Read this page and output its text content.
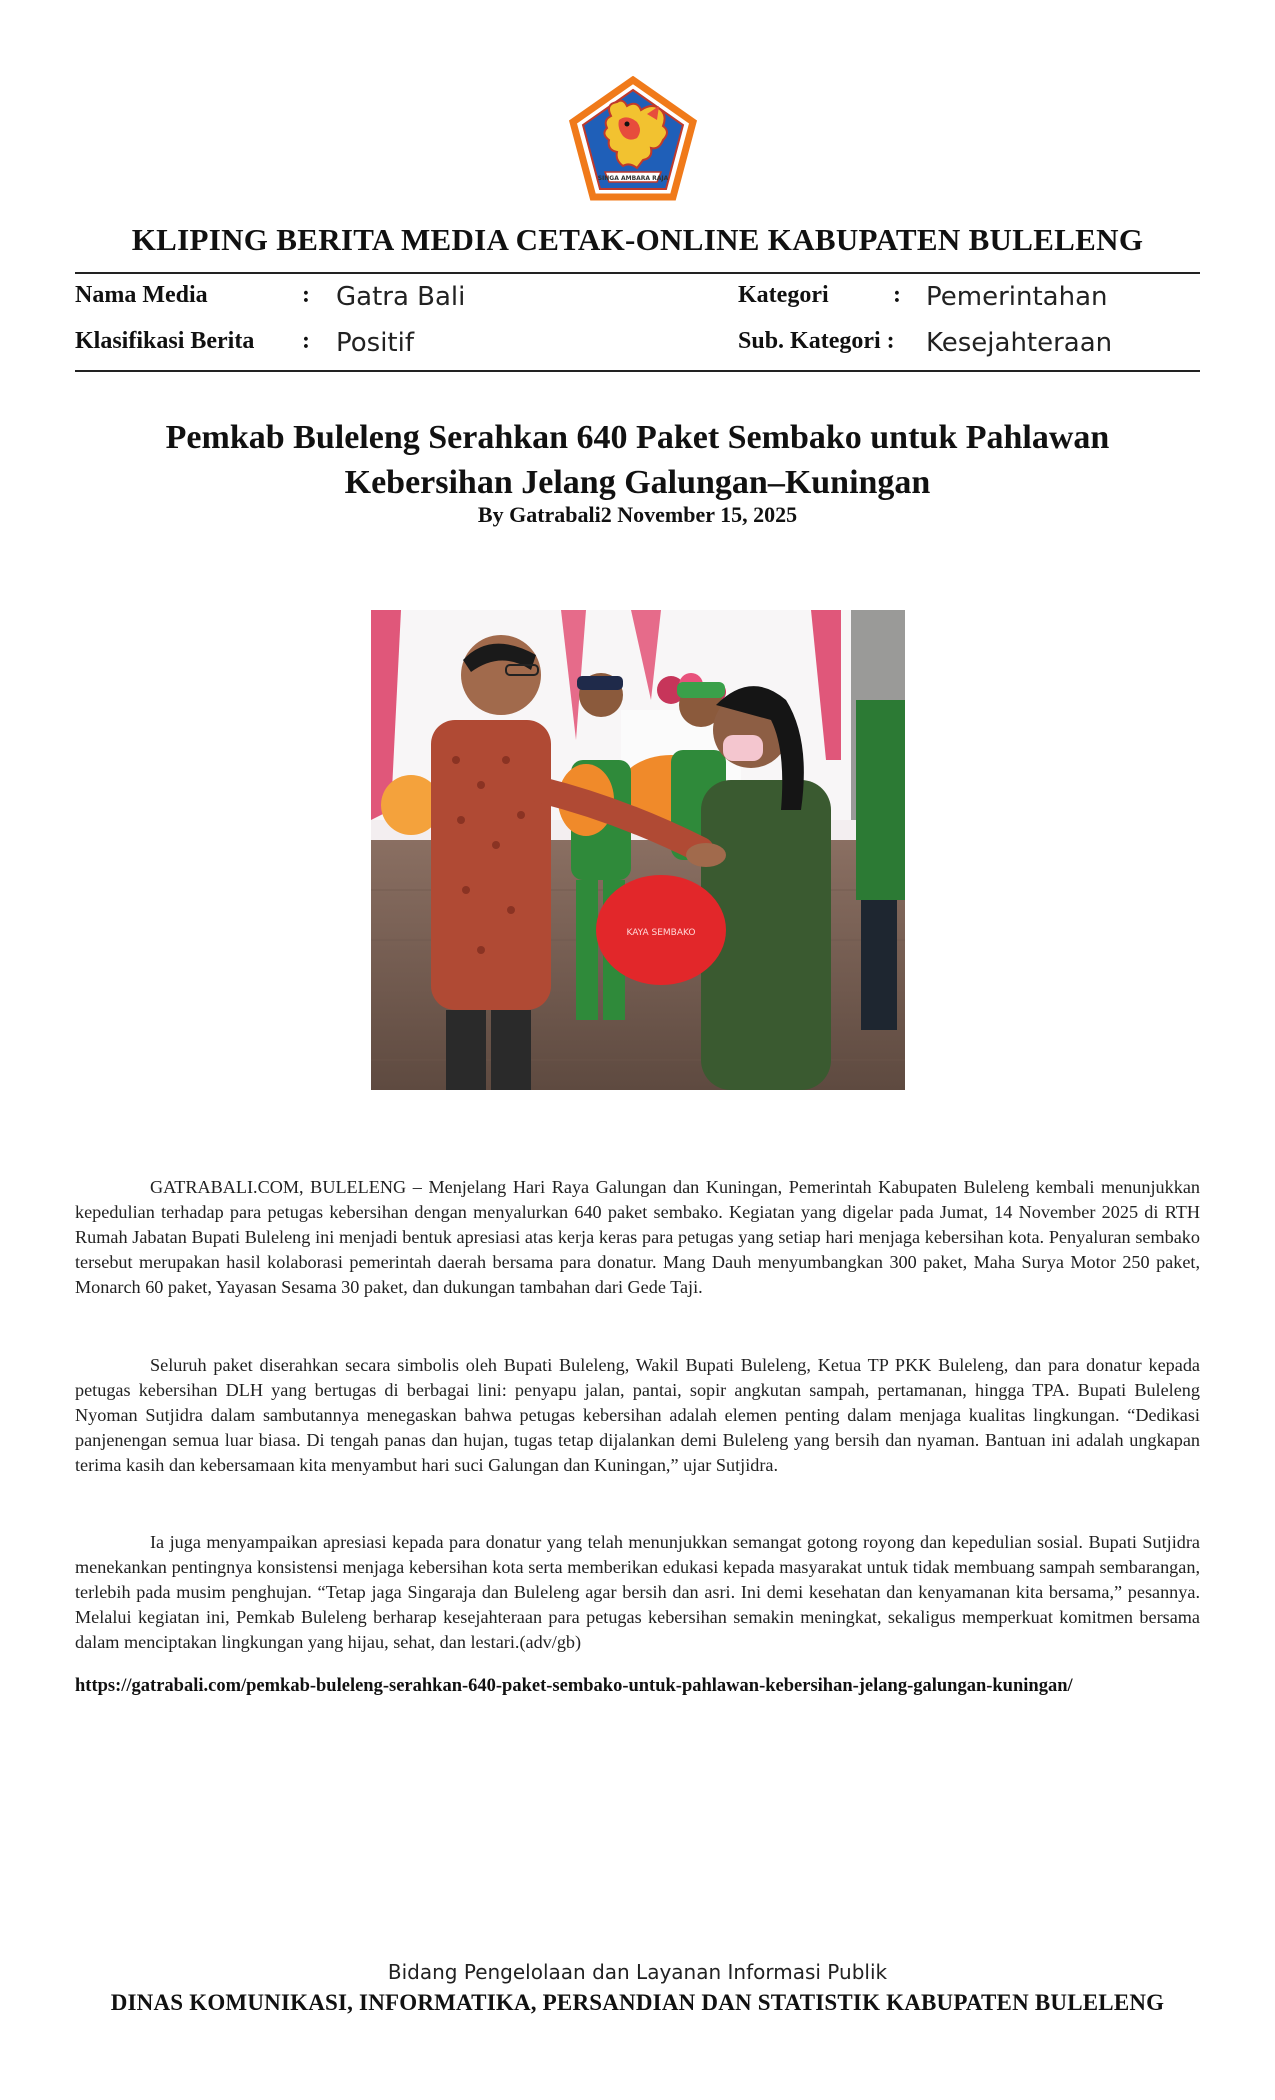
SINGA AMBARA RAJA
KLIPING BERITA MEDIA CETAK-ONLINE KABUPATEN BULELENG
Nama Media	: Gatra Bali
Klasifikasi Berita : Positif
Kategori	: Pemerintahan
Sub. Kategori : Kesejahteraan
Pemkab Buleleng Serahkan 640 Paket Sembako untuk Pahlawan
Kebersihan Jelang Galungan–Kuningan
By Gatrabali2 November 15, 2025
KAYA SEMBAKO

GATRABALI.COM, BULELENG – Menjelang Hari Raya Galungan dan Kuningan, Pemerintah Kabupaten Buleleng kembali menunjukkan kepedulian terhadap para petugas kebersihan dengan menyalurkan 640 paket sembako. Kegiatan yang digelar pada Jumat, 14 November 2025 di RTH Rumah Jabatan Bupati Buleleng ini menjadi bentuk apresiasi atas kerja keras para petugas yang setiap hari menjaga kebersihan kota. Penyaluran sembako tersebut merupakan hasil kolaborasi pemerintah daerah bersama para donatur. Mang Dauh menyumbangkan 300 paket, Maha Surya Motor 250 paket, Monarch 60 paket, Yayasan Sesama 30 paket, dan dukungan tambahan dari Gede Taji.

Seluruh paket diserahkan secara simbolis oleh Bupati Buleleng, Wakil Bupati Buleleng, Ketua TP PKK Buleleng, dan para donatur kepada petugas kebersihan DLH yang bertugas di berbagai lini: penyapu jalan, pantai, sopir angkutan sampah, pertamanan, hingga TPA. Bupati Buleleng Nyoman Sutjidra dalam sambutannya menegaskan bahwa petugas kebersihan adalah elemen penting dalam menjaga kualitas lingkungan. “Dedikasi panjenengan semua luar biasa. Di tengah panas dan hujan, tugas tetap dijalankan demi Buleleng yang bersih dan nyaman. Bantuan ini adalah ungkapan terima kasih dan kebersamaan kita menyambut hari suci Galungan dan Kuningan,” ujar Sutjidra.

Ia juga menyampaikan apresiasi kepada para donatur yang telah menunjukkan semangat gotong royong dan kepedulian sosial. Bupati Sutjidra menekankan pentingnya konsistensi menjaga kebersihan kota serta memberikan edukasi kepada masyarakat untuk tidak membuang sampah sembarangan, terlebih pada musim penghujan. “Tetap jaga Singaraja dan Buleleng agar bersih dan asri. Ini demi kesehatan dan kenyamanan kita bersama,” pesannya. Melalui kegiatan ini, Pemkab Buleleng berharap kesejahteraan para petugas kebersihan semakin meningkat, sekaligus memperkuat komitmen bersama dalam menciptakan lingkungan yang hijau, sehat, dan lestari.(adv/gb)

https://gatrabali.com/pemkab-buleleng-serahkan-640-paket-sembako-untuk-pahlawan-kebersihan-jelang-galungan-kuningan/
Bidang Pengelolaan dan Layanan Informasi Publik
DINAS KOMUNIKASI, INFORMATIKA, PERSANDIAN DAN STATISTIK KABUPATEN BULELENG
